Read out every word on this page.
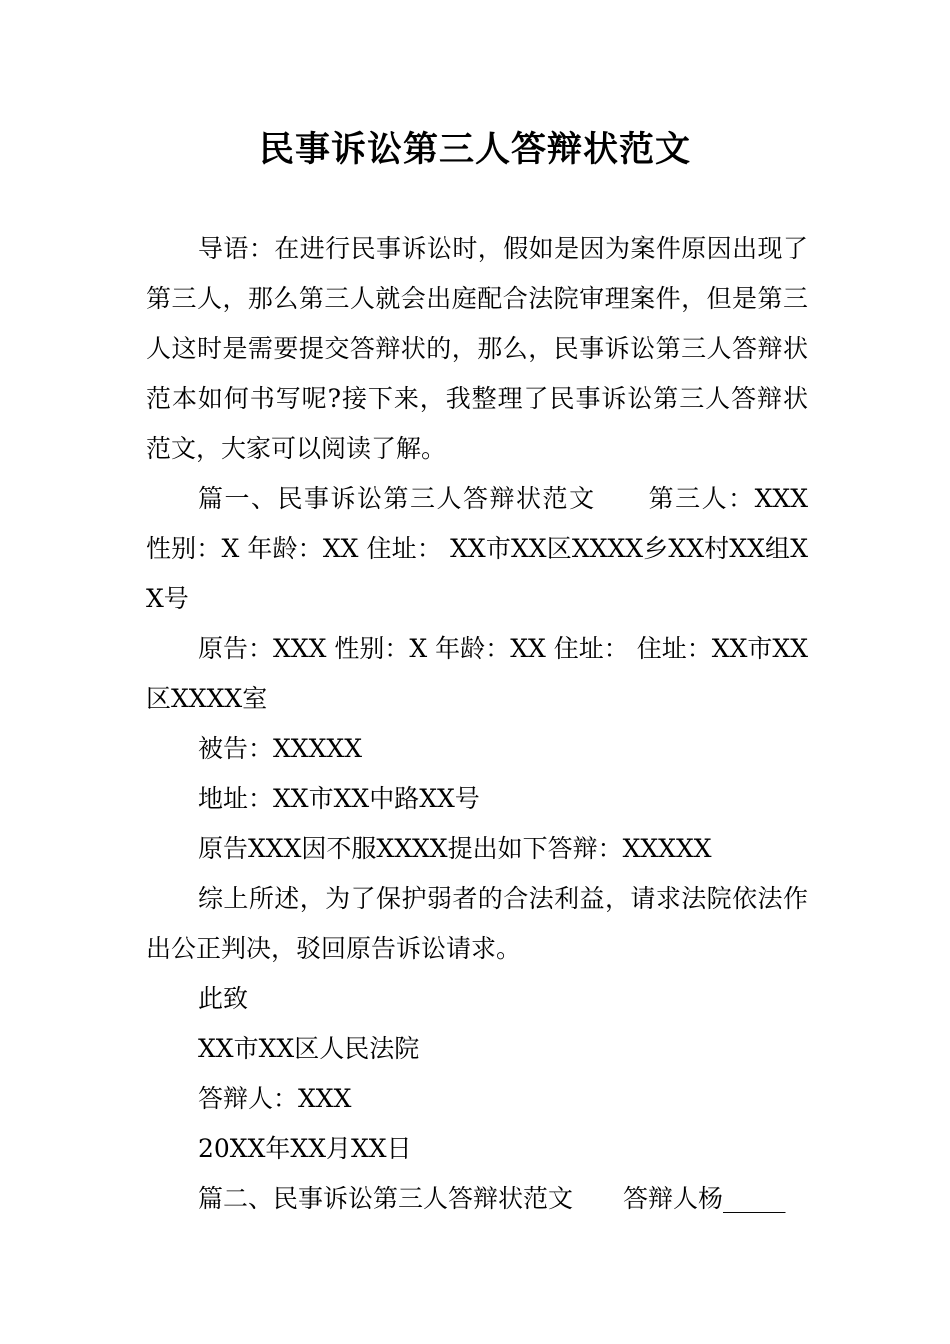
民事诉讼第三人答辩状范文

导语：在进行民事诉讼时，假如是因为案件原因出现了第三人，那么第三人就会出庭配合法院审理案件，但是第三人这时是需要提交答辩状的，那么，民事诉讼第三人答辩状范本如何书写呢?接下来，我整理了民事诉讼第三人答辩状范文，大家可以阅读了解。

篇一、民事诉讼第三人答辩状范文　　第三人：XXX 性别：X 年龄：XX 住址： XX市XX区XXXX乡XX村XX组XX号

原告：XXX 性别：X 年龄：XX 住址： 住址：XX市XX区XXXX室

被告：XXXXX

地址：XX市XX中路XX号

原告XXX因不服XXXX提出如下答辩：XXXXX

综上所述，为了保护弱者的合法利益，请求法院依法作出公正判决，驳回原告诉讼请求。

此致

XX市XX区人民法院

答辩人：XXX

20XX年XX月XX日

篇二、民事诉讼第三人答辩状范文　　答辩人杨_____
